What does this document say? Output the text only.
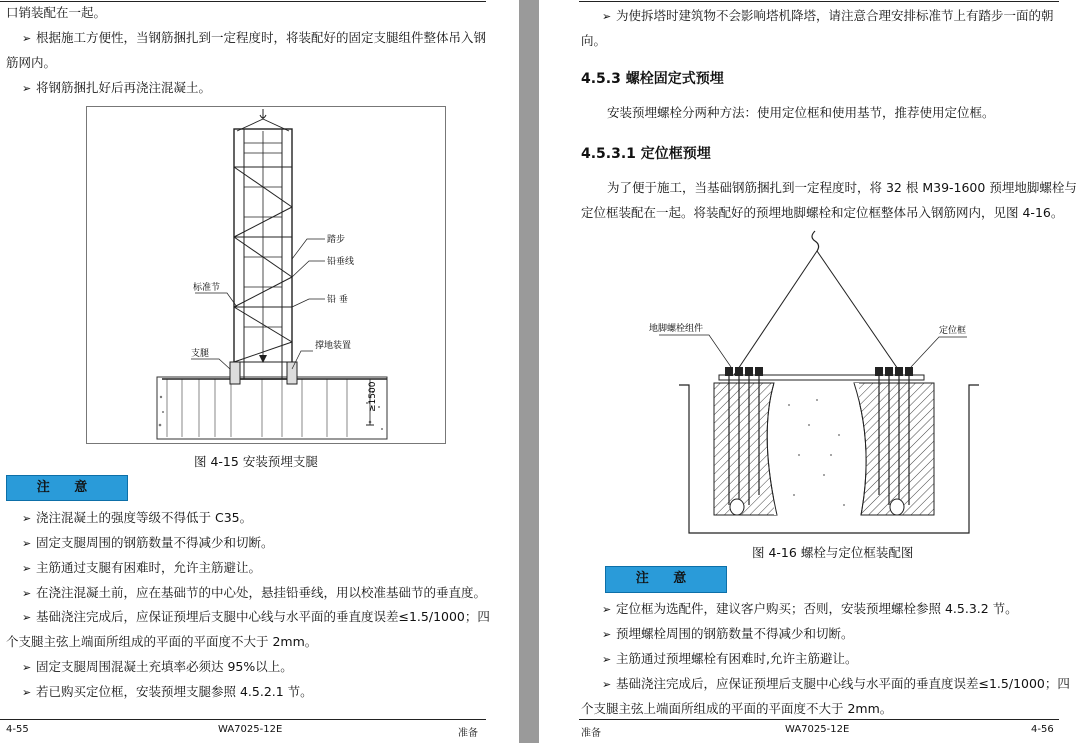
口销装配在一起。
➢ 根据施工方便性，当钢筋捆扎到一定程度时，将装配好的固定支腿组件整体吊入钢
筋网内。
➢ 将钢筋捆扎好后再浇注混凝土。
≥1500
踏步
铅垂线
标准节
铅 垂
支腿
撑地装置
图 4-15 安装预埋支腿
注 意
➢ 浇注混凝土的强度等级不得低于 C35。
➢ 固定支腿周围的钢筋数量不得减少和切断。
➢ 主筋通过支腿有困难时，允许主筋避让。
➢ 在浇注混凝土前，应在基础节的中心处，悬挂铅垂线，用以校准基础节的垂直度。
➢ 基础浇注完成后，应保证预埋后支腿中心线与水平面的垂直度误差≤1.5/1000；四
个支腿主弦上端面所组成的平面的平面度不大于 2mm。
➢ 固定支腿周围混凝土充填率必须达 95%以上。
➢ 若已购买定位框，安装预埋支腿参照 4.5.2.1 节。
4-55	WA7025-12E	准备
➢ 为使拆塔时建筑物不会影响塔机降塔，请注意合理安排标准节上有踏步一面的朝
向。
4.5.3 螺栓固定式预埋
安装预埋螺栓分两种方法：使用定位框和使用基节，推荐使用定位框。
4.5.3.1 定位框预埋
为了便于施工，当基础钢筋捆扎到一定程度时，将 32 根 M39-1600 预埋地脚螺栓与
定位框装配在一起。将装配好的预埋地脚螺栓和定位框整体吊入钢筋网内，见图 4-16。
地脚螺栓组件	定位框
图 4-16 螺栓与定位框装配图
注 意
➢ 定位框为选配件，建议客户购买；否则，安装预埋螺栓参照 4.5.3.2 节。
➢ 预埋螺栓周围的钢筋数量不得减少和切断。
➢ 主筋通过预埋螺栓有困难时,允许主筋避让。
➢ 基础浇注完成后，应保证预埋后支腿中心线与水平面的垂直度误差≤1.5/1000；四
个支腿主弦上端面所组成的平面的平面度不大于 2mm。
准备	WA7025-12E	4-56
